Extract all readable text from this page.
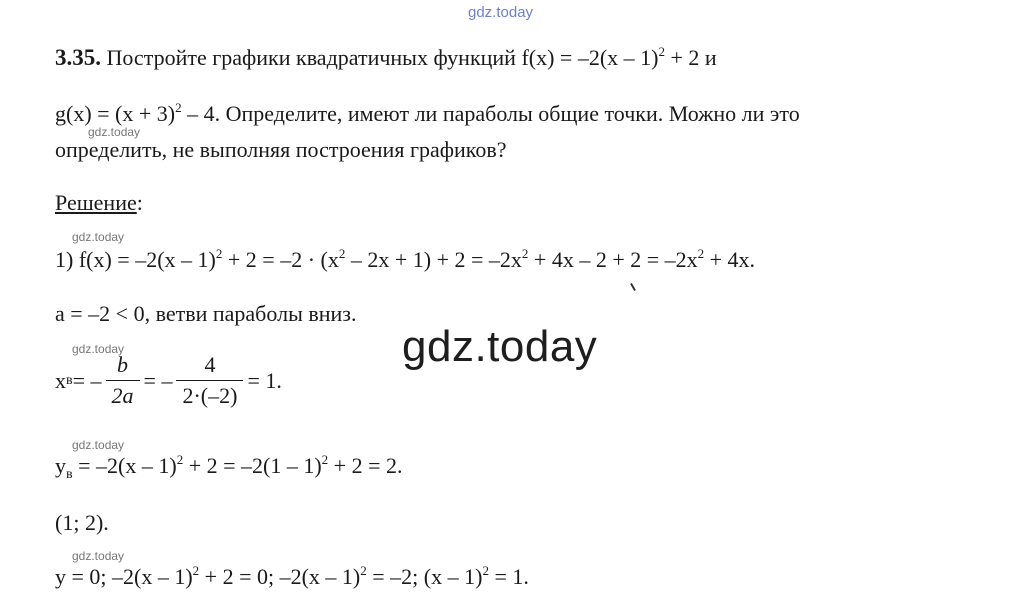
gdz.today
3.35. Постройте графики квадратичных функций f(x) = –2(x – 1)$^2$ + 2 и
$g(x) = (x + 3)^2 - 4$. Определите, имеют ли параболы общие точки. Можно ли это
gdz.today
определить, не выполняя построения графиков?
Решение:
gdz.today
1) $f(x) = -2(x - 1)^2 + 2 = -2 \cdot (x^2 - 2x + 1) + 2 = -2x^2 + 4x - 2 + 2 = -2x^2 + 4x$.
a = –2 < 0, ветви параболы вниз.
gdz.today	gdz.today
x в = – $\frac{b}{2a}$ = – $\frac{4}{2\cdot(-2)} = 1$.
gdz.today
$y_в = -2(x - 1)^2 + 2 = -2(1 - 1)^2 + 2 = 2$.
(1; 2).
gdz.today
y = 0; –2(x – 1)$^2$ + 2 = 0; –2(x – 1)$^2$ = –2; (x – 1)$^2$ = 1.
